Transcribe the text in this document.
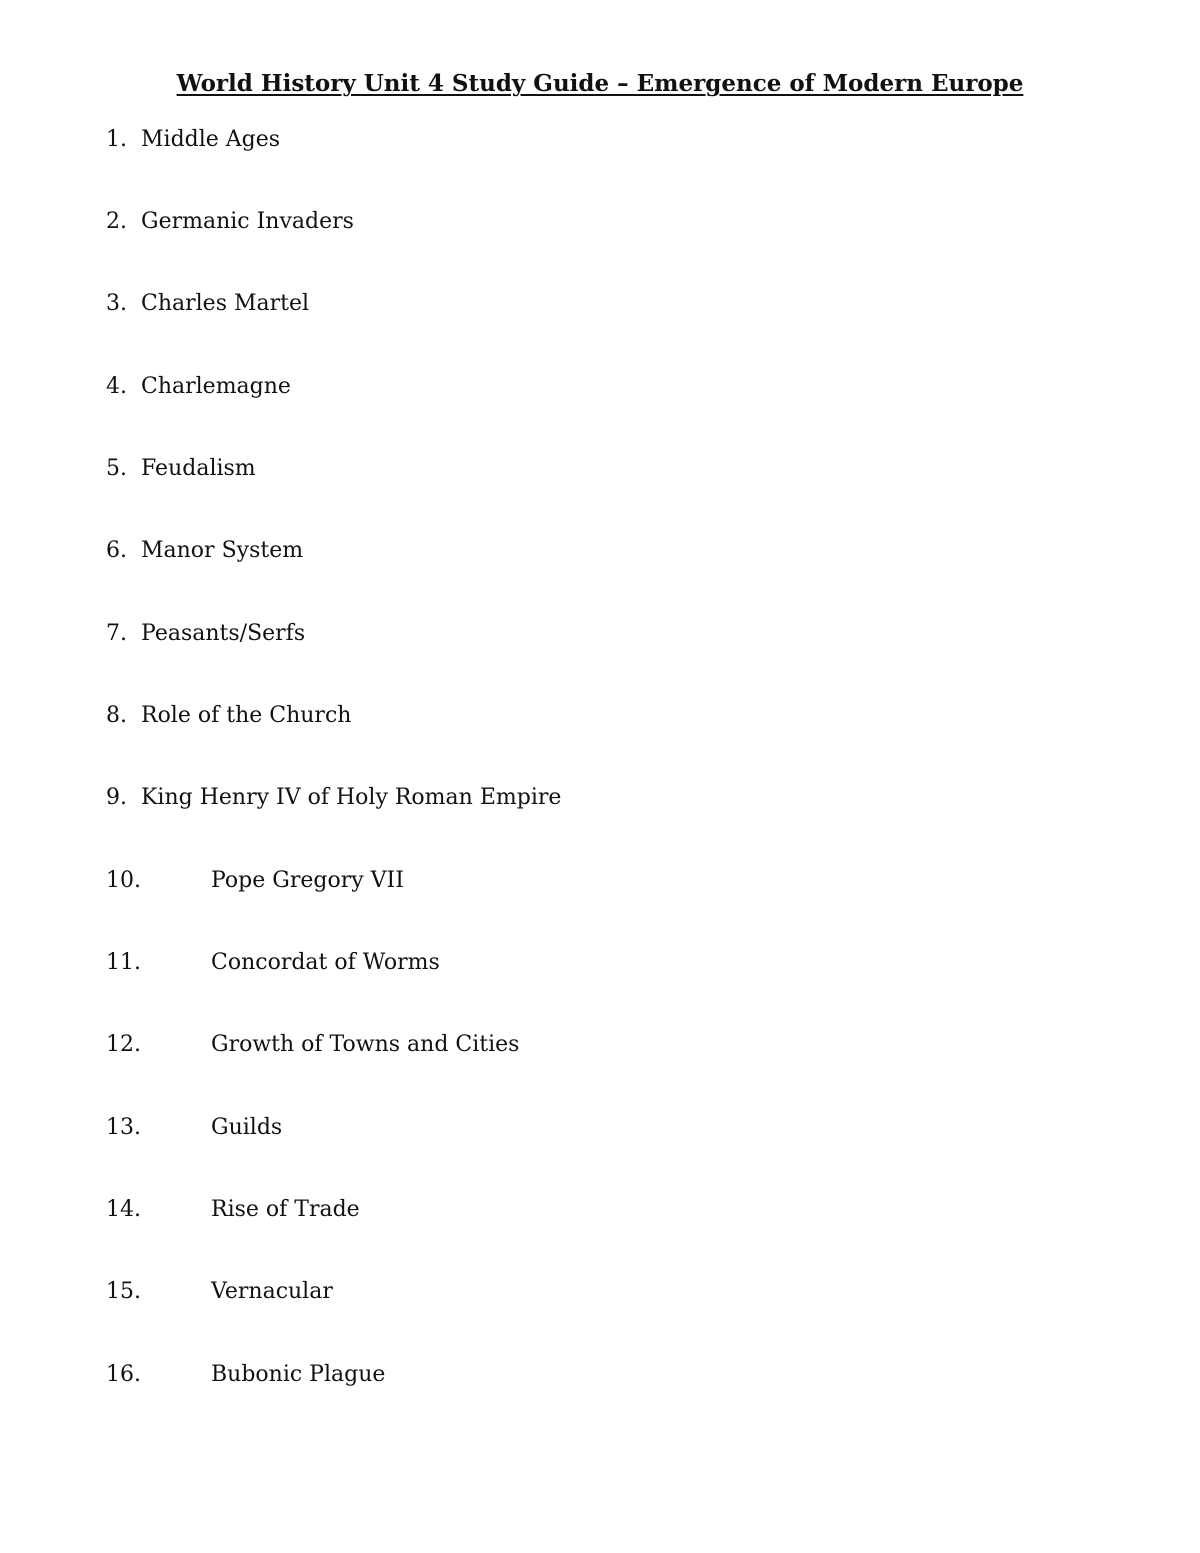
World History Unit 4 Study Guide – Emergence of Modern Europe
1. Middle Ages
2. Germanic Invaders
3. Charles Martel
4. Charlemagne
5. Feudalism
6. Manor System
7. Peasants/Serfs
8. Role of the Church
9. King Henry IV of Holy Roman Empire
10.	Pope Gregory VII
11.	Concordat of Worms
12.	Growth of Towns and Cities
13.	Guilds
14.	Rise of Trade
15.	Vernacular
16.	Bubonic Plague
